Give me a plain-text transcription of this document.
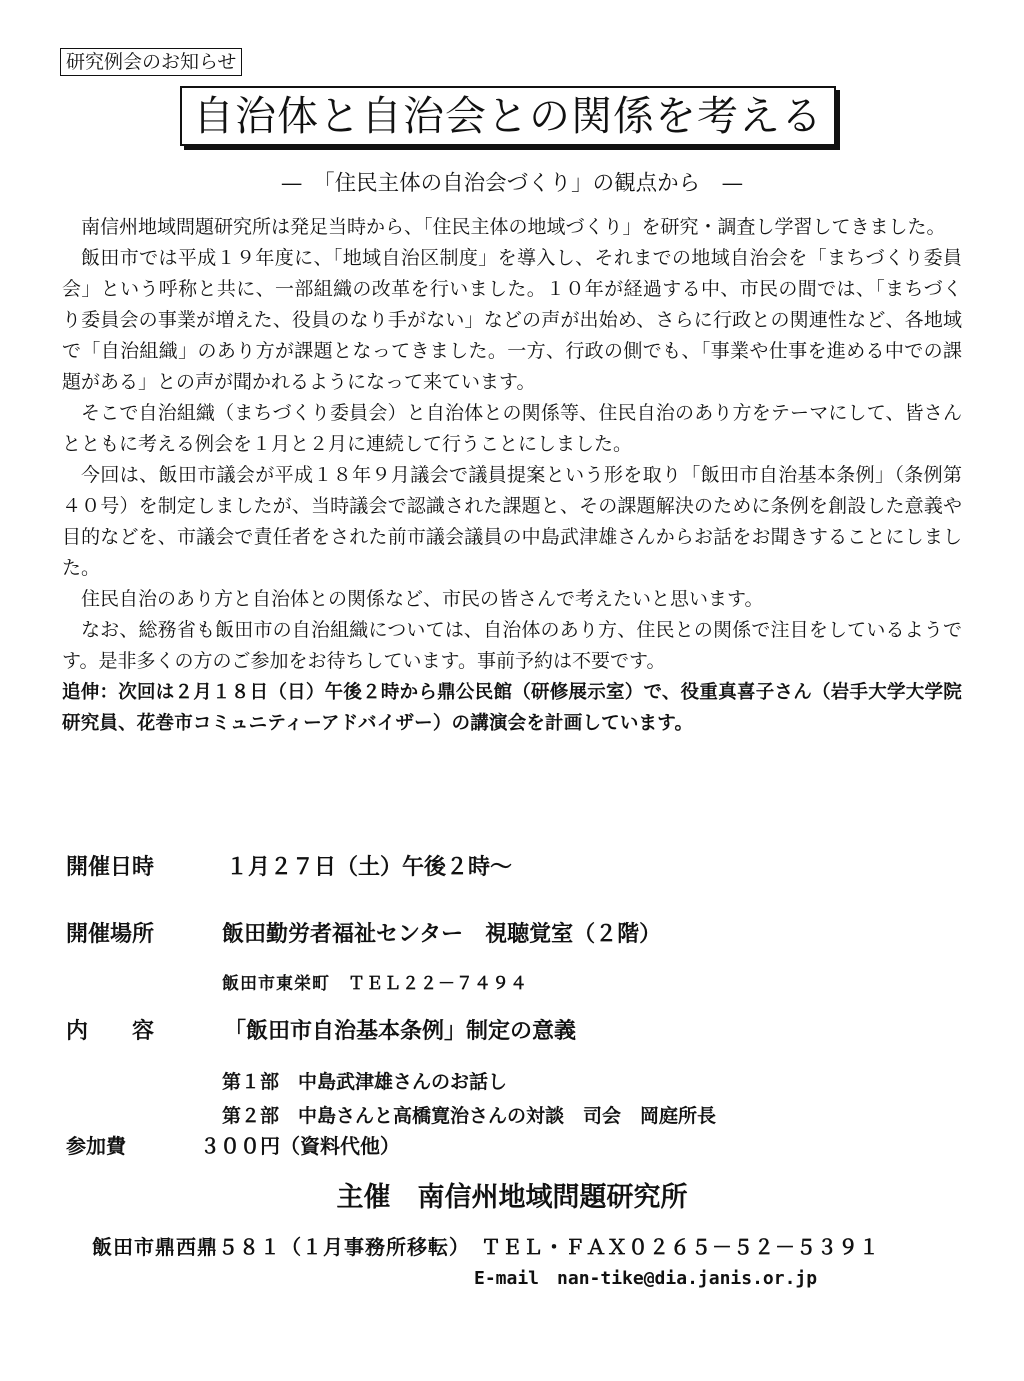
研究例会のお知らせ
自治体と自治会との関係を考える
—　「住民主体の自治会づくり」の観点から　—

南信州地域問題研究所は発足当時から、「住民主体の地域づくり」を研究・調査し学習してきました。

飯田市では平成１９年度に、「地域自治区制度」を導入し、それまでの地域自治会を「まちづくり委員会」という呼称と共に、一部組織の改革を行いました。１０年が経過する中、市民の間では、「まちづくり委員会の事業が増えた、役員のなり手がない」などの声が出始め、さらに行政との関連性など、各地域で「自治組織」のあり方が課題となってきました。一方、行政の側でも、「事業や仕事を進める中での課題がある」との声が聞かれるようになって来ています。

そこで自治組織（まちづくり委員会）と自治体との関係等、住民自治のあり方をテーマにして、皆さんとともに考える例会を１月と２月に連続して行うことにしました。

今回は、飯田市議会が平成１８年９月議会で議員提案という形を取り「飯田市自治基本条例」（条例第４０号）を制定しましたが、当時議会で認識された課題と、その課題解決のために条例を創設した意義や目的などを、市議会で責任者をされた前市議会議員の中島武津雄さんからお話をお聞きすることにしました。

住民自治のあり方と自治体との関係など、市民の皆さんで考えたいと思います。

なお、総務省も飯田市の自治組織については、自治体のあり方、住民との関係で注目をしているようです。是非多くの方のご参加をお待ちしています。事前予約は不要です。

追伸：次回は２月１８日（日）午後２時から鼎公民館（研修展示室）で、役重真喜子さん（岩手大学大学院研究員、花巻市コミュニティーアドバイザー）の講演会を計画しています。

開催日時	１月２７日（土）午後２時～
開催場所	飯田勤労者福祉センター　視聴覚室（２階）
飯田市東栄町　ＴＥＬ２２－７４９４
内　　容	「飯田市自治基本条例」制定の意義
第１部　中島武津雄さんのお話し
第２部　中島さんと高橋寛治さんの対談　司会　岡庭所長
参加費	３００円（資料代他）
主催　南信州地域問題研究所
飯田市鼎西鼎５８１（１月事務所移転）　ＴＥＬ・ＦＡＸ０２６５－５２－５３９１
E-mail　nan-tike@dia.janis.or.jp
